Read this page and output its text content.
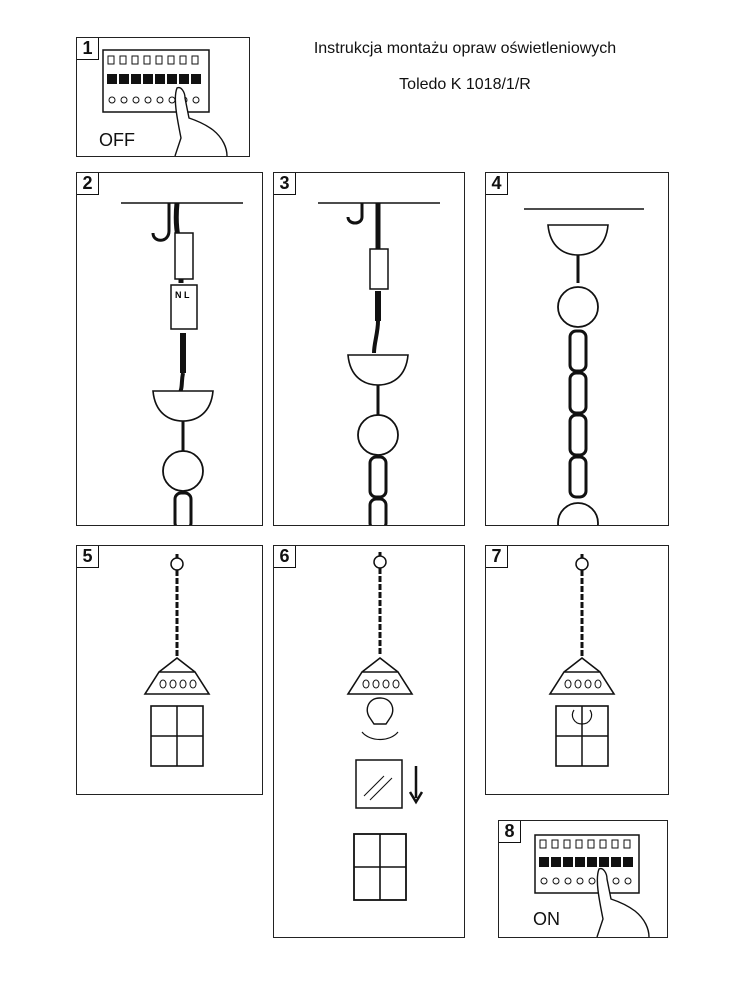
Instrukcja montażu opraw oświetleniowych
Toledo K 1018/1/R
1
OFF
2
N L
3	4
5	6	7
8
ON
